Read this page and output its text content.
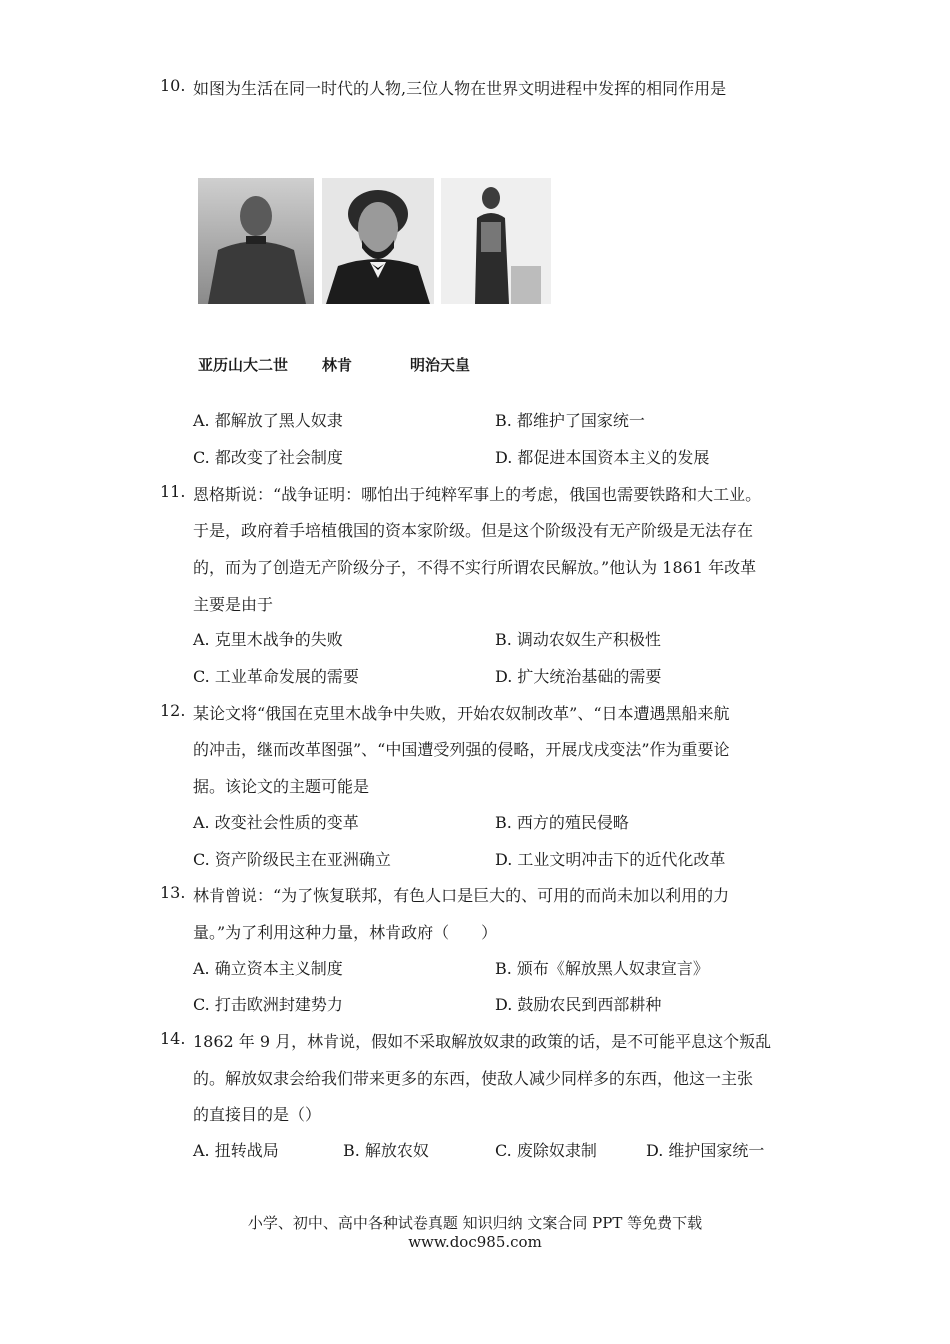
10. 如图为生活在同一时代的人物,三位人物在世界文明进程中发挥的相同作用是
亚历山大二世 林肯	明治天皇
A. 都解放了黑人奴隶	B. 都维护了国家统一
C. 都改变了社会制度	D. 都促进本国资本主义的发展
11. 恩格斯说：“战争证明：哪怕出于纯粹军事上的考虑，俄国也需要铁路和大工业。
于是，政府着手培植俄国的资本家阶级。但是这个阶级没有无产阶级是无法存在
的，而为了创造无产阶级分子，不得不实行所谓农民解放。”他认为 1861 年改革
主要是由于
A. 克里木战争的失败	B. 调动农奴生产积极性
C. 工业革命发展的需要	D. 扩大统治基础的需要
12. 某论文将“俄国在克里木战争中失败，开始农奴制改革”、“日本遭遇黑船来航
的冲击，继而改革图强”、“中国遭受列强的侵略，开展戊戌变法”作为重要论
据。该论文的主题可能是
A. 改变社会性质的变革	B. 西方的殖民侵略
C. 资产阶级民主在亚洲确立	D. 工业文明冲击下的近代化改革
13. 林肯曾说：“为了恢复联邦，有色人口是巨大的、可用的而尚未加以利用的力
量。”为了利用这种力量，林肯政府（　　）
A. 确立资本主义制度	B. 颁布《解放黑人奴隶宣言》
C. 打击欧洲封建势力	D. 鼓励农民到西部耕种
14. 1862 年 9 月，林肯说，假如不采取解放奴隶的政策的话，是不可能平息这个叛乱
的。解放奴隶会给我们带来更多的东西，使敌人减少同样多的东西，他这一主张
的直接目的是（）
A. 扭转战局	B. 解放农奴	C. 废除奴隶制	D. 维护国家统一
小学、初中、高中各种试卷真题 知识归纳 文案合同 PPT 等免费下载
www.doc985.com
